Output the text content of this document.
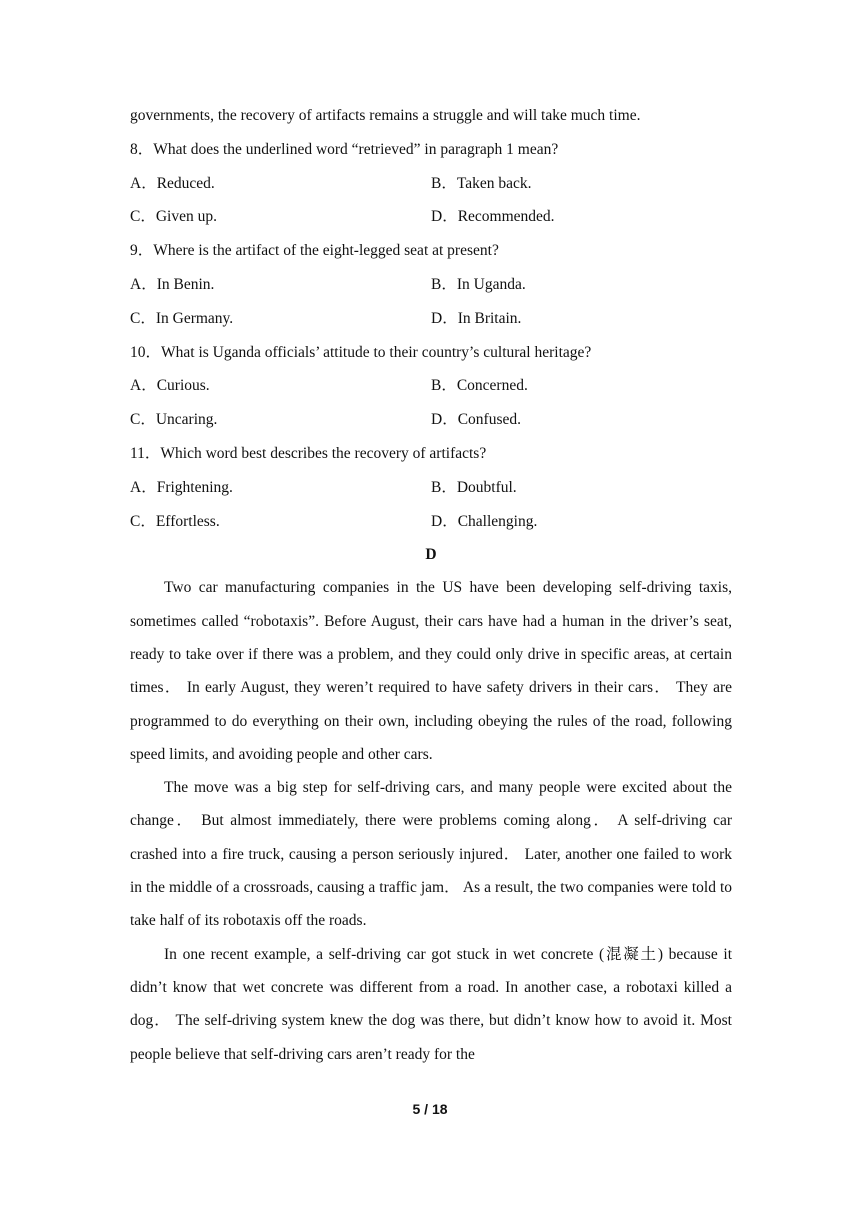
governments, the recovery of artifacts remains a struggle and will take much time.
8．What does the underlined word “retrieved” in paragraph 1 mean?
A．Reduced.	B．Taken back.
C．Given up.	D．Recommended.
9．Where is the artifact of the eight-legged seat at present?
A．In Benin.	B．In Uganda.
C．In Germany.	D．In Britain.
10．What is Uganda officials’ attitude to their country’s cultural heritage?
A．Curious.	B．Concerned.
C．Uncaring.	D．Confused.
11．Which word best describes the recovery of artifacts?
A．Frightening.	B．Doubtful.
C．Effortless.	D．Challenging.
D

Two car manufacturing companies in the US have been developing self-driving taxis, sometimes called “robotaxis”. Before August, their cars have had a human in the driver’s seat, ready to take over if there was a problem, and they could only drive in specific areas, at certain times． In early August, they weren’t required to have safety drivers in their cars． They are programmed to do everything on their own, including obeying the rules of the road, following speed limits, and avoiding people and other cars.

The move was a big step for self-driving cars, and many people were excited about the change． But almost immediately, there were problems coming along． A self-driving car crashed into a fire truck, causing a person seriously injured． Later, another one failed to work in the middle of a crossroads, causing a traffic jam． As a result, the two companies were told to take half of its robotaxis off the roads.

In one recent example, a self-driving car got stuck in wet concrete (混凝土) because it didn’t know that wet concrete was different from a road. In another case, a robotaxi killed a dog． The self-driving system knew the dog was there, but didn’t know how to avoid it. Most people believe that self-driving cars aren’t ready for the

5 / 18
